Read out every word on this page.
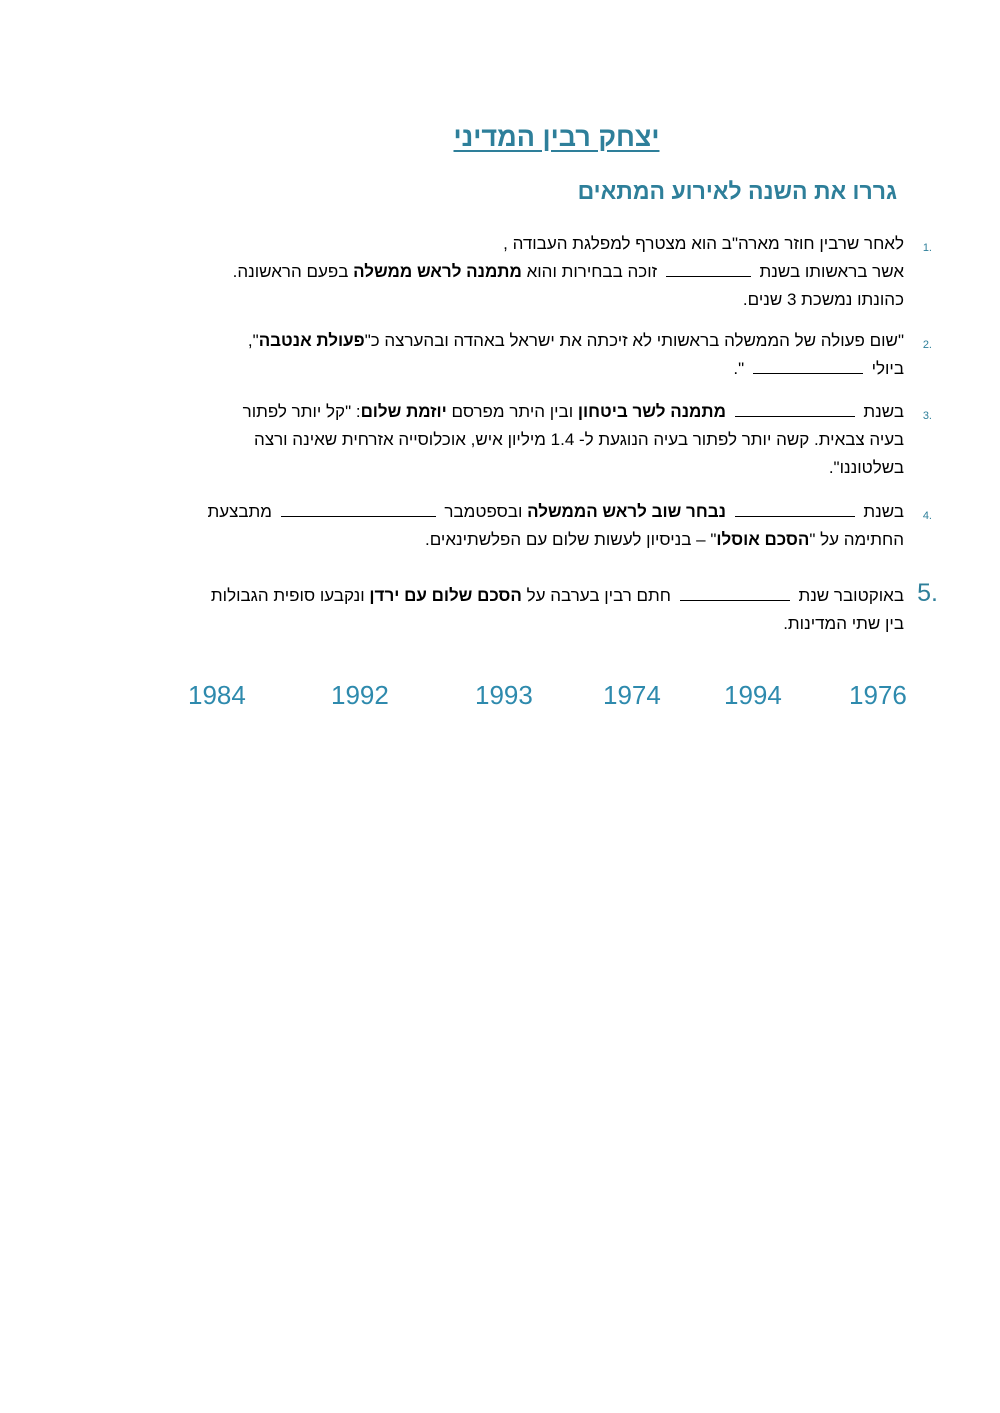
יצחק רבין המדיני
גררו את השנה לאירוע המתאים
1.
לאחר שרבין חוזר מארה"ב הוא מצטרף למפלגת העבודה ,
אשר בראשותו בשנת  זוכה בבחירות והוא מתמנה לראש ממשלה בפעם הראשונה.
כהונתו נמשכת 3 שנים.
2.
"שום פעולה של הממשלה בראשותי לא זיכתה את ישראל באהדה ובהערצה כ"פעולת אנטבה",
ביולי  ".
3.
בשנת  מתמנה לשר ביטחון ובין היתר מפרסם יוזמת שלום: "קל יותר לפתור
בעיה צבאית. קשה יותר לפתור בעיה הנוגעת ל- 1.4 מיליון איש, אוכלוסייה אזרחית שאינה ורצה
בשלטוננו".
4.
בשנת  נבחר שוב לראש הממשלה ובספטמבר  מתבצעת
החתימה על "הסכם אוסלו" – בניסיון לעשות שלום עם הפלשתינאים.
5.
באוקטובר שנת  חתם רבין בערבה על הסכם שלום עם ירדן ונקבעו סופית הגבולות
בין שתי המדינות.
1976
1994
1974
1993
1992
1984
